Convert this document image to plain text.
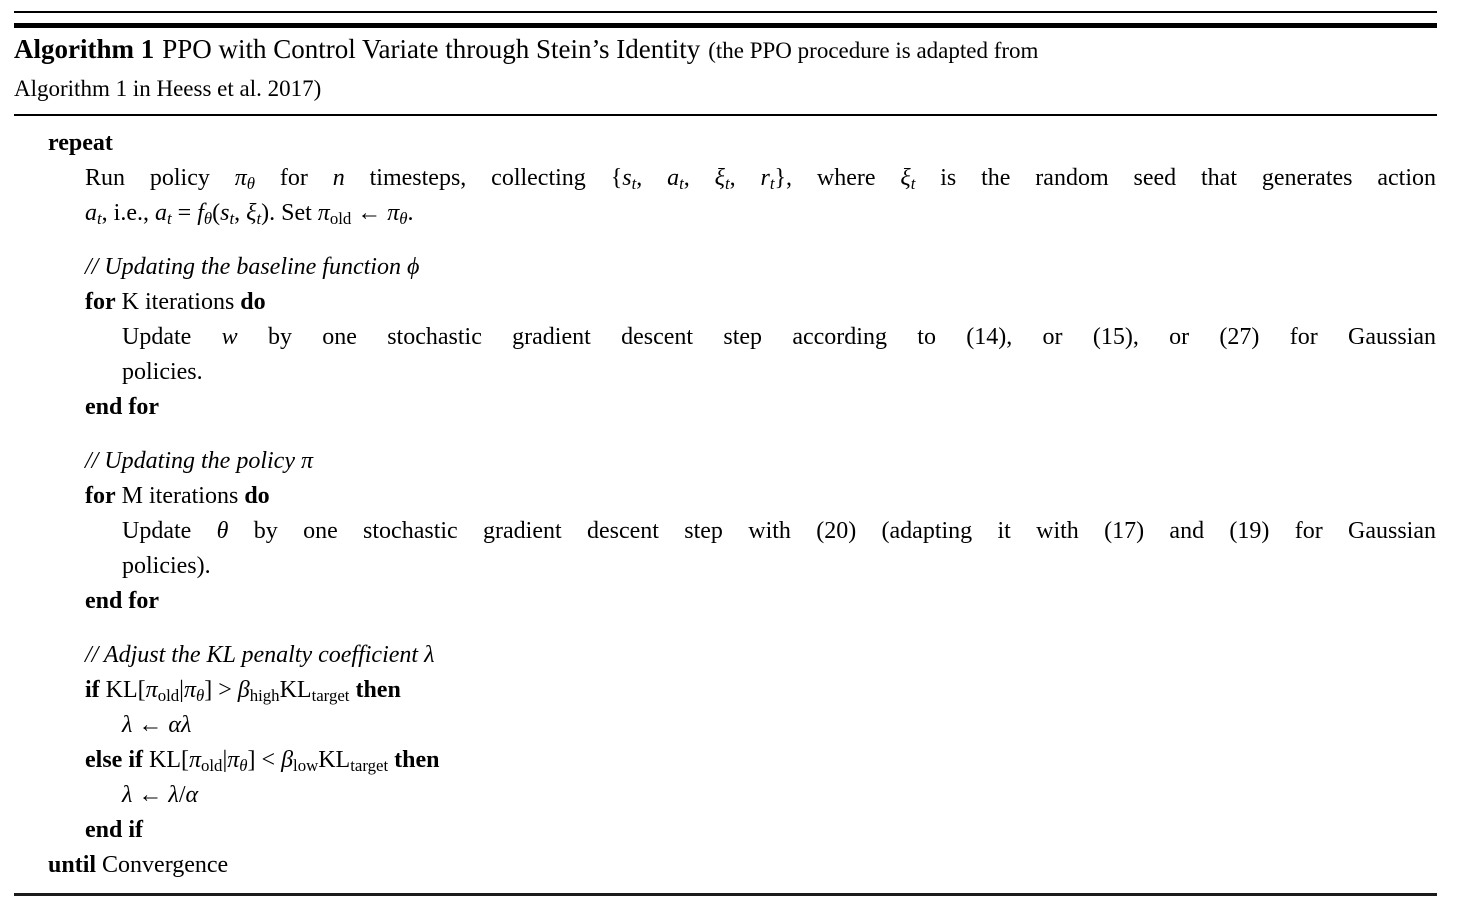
Algorithm 1 PPO with Control Variate through Stein’s Identity (the PPO procedure is adapted from
Algorithm 1 in Heess et al. 2017)
repeat
Run policy πθ for n timesteps, collecting {st, at, ξt, rt}, where ξt is the random seed that generates action
at, i.e., at = fθ(st, ξt). Set πold ← πθ.
// Updating the baseline function ϕ
for K iterations do
Update w by one stochastic gradient descent step according to (14), or (15), or (27) for Gaussian
policies.
end for
// Updating the policy π
for M iterations do
Update θ by one stochastic gradient descent step with (20) (adapting it with (17) and (19) for Gaussian
policies).
end for
// Adjust the KL penalty coefficient λ
if KL[πold|πθ] > βhighKLtarget then
λ ← αλ
else if KL[πold|πθ] < βlowKLtarget then
λ ← λ/α
end if
until Convergence
